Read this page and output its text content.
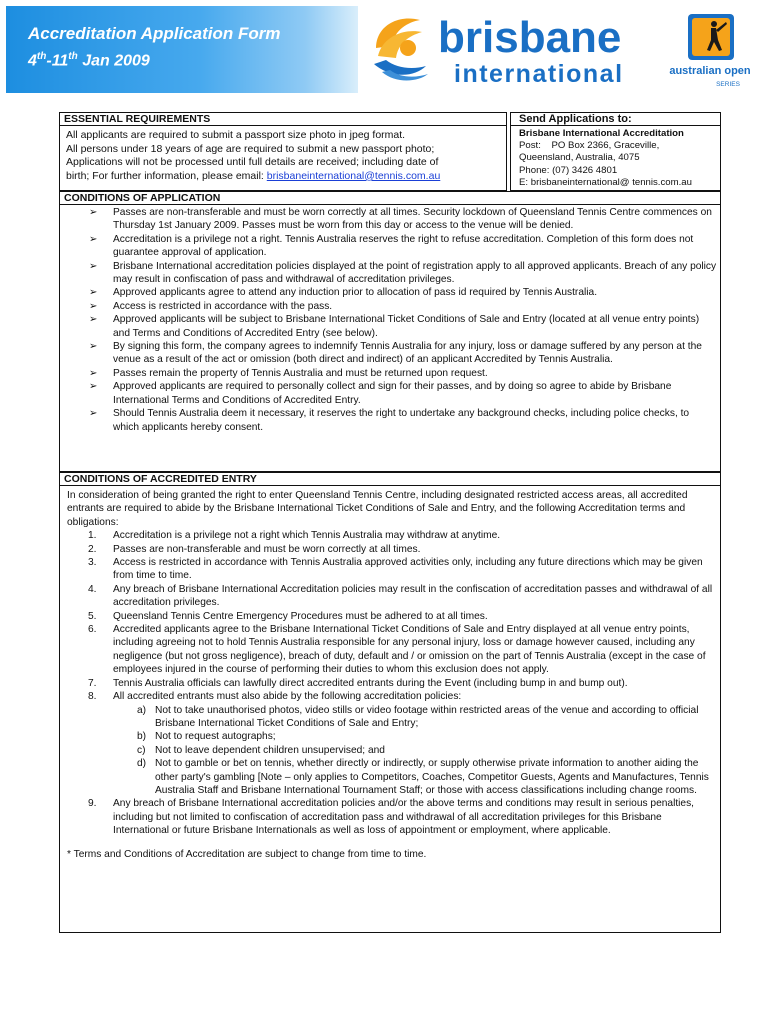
Accreditation Application Form
4th-11th Jan 2009	brisbane
international	australian open
SERIES
ESSENTIAL REQUIREMENTS
All applicants are required to submit a passport size photo in jpeg format.
All persons under 18 years of age are required to submit a new passport photo;
Applications will not be processed until full details are received; including date of
birth; For further information, please email: brisbaneinternational@tennis.com.au
Send Applications to:
Brisbane International Accreditation
Post:    PO Box 2366, Graceville,
Queensland, Australia, 4075
Phone: (07) 3426 4801
E: brisbaneinternational@ tennis.com.au
CONDITIONS OF APPLICATION
➢ Passes are non-transferable and must be worn correctly at all times. Security lockdown of Queensland Tennis Centre commences on Thursday 1st January 2009. Passes must be worn from this day or access to the venue will be denied.
➢ Accreditation is a privilege not a right. Tennis Australia reserves the right to refuse accreditation. Completion of this form does not guarantee approval of application.
➢ Brisbane International accreditation policies displayed at the point of registration apply to all approved applicants. Breach of any policy may result in confiscation of pass and withdrawal of accreditation privileges.
➢ Approved applicants agree to attend any induction prior to allocation of pass id required by Tennis Australia.
➢ Access is restricted in accordance with the pass.
➢ Approved applicants will be subject to Brisbane International Ticket Conditions of Sale and Entry (located at all venue entry points) and Terms and Conditions of Accredited Entry (see below).
➢ By signing this form, the company agrees to indemnify Tennis Australia for any injury, loss or damage suffered by any person at the venue as a result of the act or omission (both direct and indirect) of an applicant Accredited by Tennis Australia.
➢ Passes remain the property of Tennis Australia and must be returned upon request.
➢ Approved applicants are required to personally collect and sign for their passes, and by doing so agree to abide by Brisbane International Terms and Conditions of Accredited Entry.
➢ Should Tennis Australia deem it necessary, it reserves the right to undertake any background checks, including police checks, to which applicants hereby consent.
CONDITIONS OF ACCREDITED ENTRY
In consideration of being granted the right to enter Queensland Tennis Centre, including designated restricted access areas, all accredited entrants are required to abide by the Brisbane International Ticket Conditions of Sale and Entry, and the following Accreditation terms and obligations:
1. Accreditation is a privilege not a right which Tennis Australia may withdraw at anytime.
2. Passes are non-transferable and must be worn correctly at all times.
3. Access is restricted in accordance with Tennis Australia approved activities only, including any future directions which may be given from time to time.
4. Any breach of Brisbane International Accreditation policies may result in the confiscation of accreditation passes and withdrawal of all accreditation privileges.
5. Queensland Tennis Centre Emergency Procedures must be adhered to at all times.
6. Accredited applicants agree to the Brisbane International Ticket Conditions of Sale and Entry displayed at all venue entry points, including agreeing not to hold Tennis Australia responsible for any personal injury, loss or damage however caused, including any negligence (but not gross negligence), breach of duty, default and / or omission on the part of Tennis Australia (except in the case of employees injured in the course of performing their duties to whom this exclusion does not apply.
7. Tennis Australia officials can lawfully direct accredited entrants during the Event (including bump in and bump out).
8. All accredited entrants must also abide by the following accreditation policies:
a) Not to take unauthorised photos, video stills or video footage within restricted areas of the venue and according to official Brisbane International Ticket Conditions of Sale and Entry;
b) Not to request autographs;
c) Not to leave dependent children unsupervised; and
d) Not to gamble or bet on tennis, whether directly or indirectly, or supply otherwise private information to another aiding the other party's gambling [Note – only applies to Competitors, Coaches, Competitor Guests, Agents and Manufactures, Tennis Australia Staff and Brisbane International Tournament Staff; or those with access classifications including change rooms.
9. Any breach of Brisbane International accreditation policies and/or the above terms and conditions may result in serious penalties, including but not limited to confiscation of accreditation pass and withdrawal of all accreditation privileges for this Brisbane International or future Brisbane Internationals as well as loss of appointment or employment, where applicable.
* Terms and Conditions of Accreditation are subject to change from time to time.
